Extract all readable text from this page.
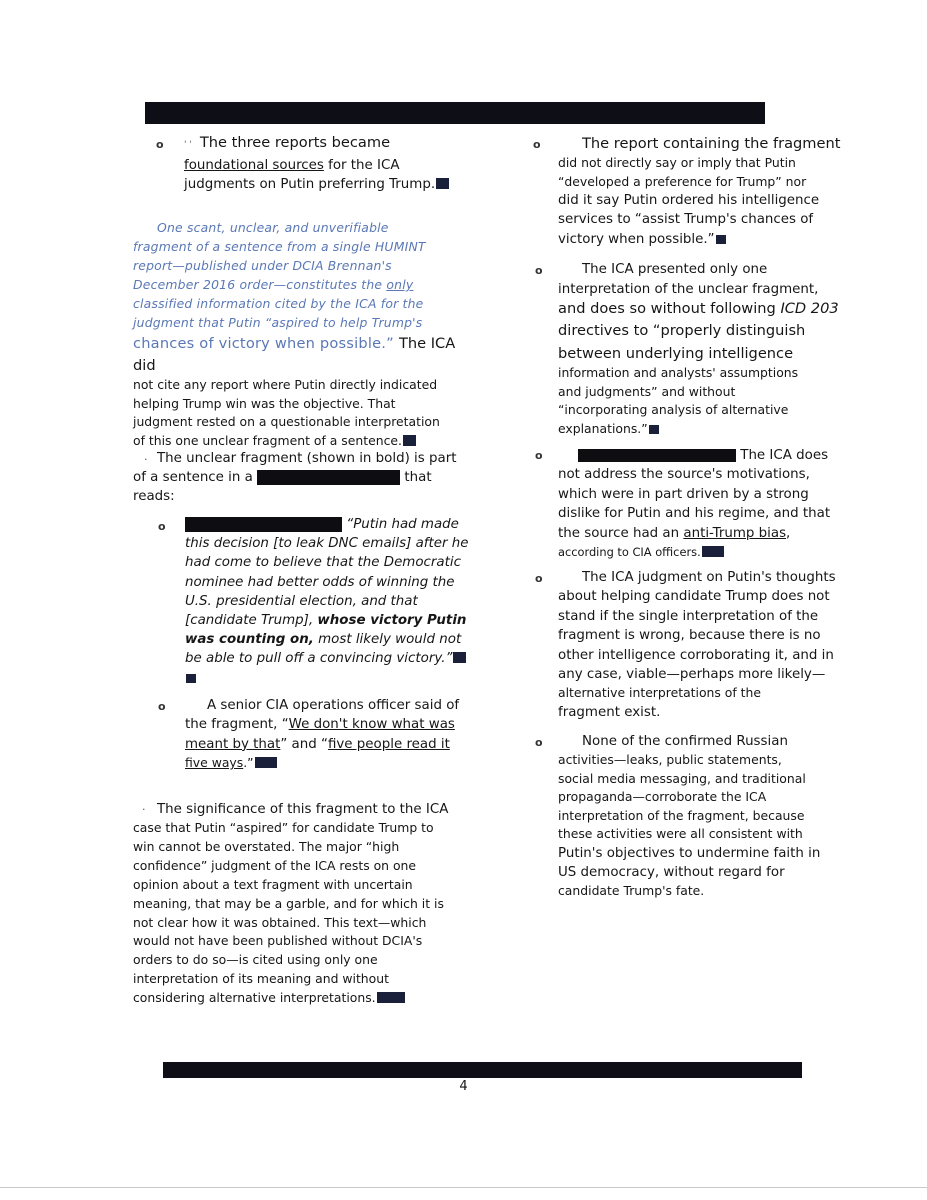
o ' ' The three reports became
foundational sources for the ICA
judgments on Putin preferring Trump.
One scant, unclear, and unverifiable
fragment of a sentence from a single HUMINT
report—published under DCIA Brennan's
December 2016 order—constitutes the only
classified information cited by the ICA for the
judgment that Putin “aspired to help Trump's
chances of victory when possible.” The ICA did
not cite any report where Putin directly indicated
helping Trump win was the objective. That
judgment rested on a questionable interpretation
of this one unclear fragment of a sentence.
. The unclear fragment (shown in bold) is part
of a sentence in a	that
reads:
o	“Putin had made
this decision [to leak DNC emails] after he
had come to believe that the Democratic
nominee had better odds of winning the
U.S. presidential election, and that
[candidate Trump], whose victory Putin
was counting on, most likely would not
be able to pull off a convincing victory.”
o	A senior CIA operations officer said of
the fragment, “We don't know what was
meant by that” and “five people read it
five ways.”
. The significance of this fragment to the ICA
case that Putin “aspired” for candidate Trump to
win cannot be overstated. The major “high
confidence” judgment of the ICA rests on one
opinion about a text fragment with uncertain
meaning, that may be a garble, and for which it is
not clear how it was obtained. This text—which
would not have been published without DCIA's
orders to do so—is cited using only one
interpretation of its meaning and without
considering alternative interpretations.
o	The report containing the fragment
did not directly say or imply that Putin
“developed a preference for Trump” nor
did it say Putin ordered his intelligence
services to “assist Trump's chances of
victory when possible.”
o	The ICA presented only one
interpretation of the unclear fragment,
and does so without following ICD 203
directives to “properly distinguish
between underlying intelligence
information and analysts' assumptions
and judgments” and without
“incorporating analysis of alternative
explanations.”
o	The ICA does
not address the source's motivations,
which were in part driven by a strong
dislike for Putin and his regime, and that
the source had an anti-Trump bias,
according to CIA officers.
o	The ICA judgment on Putin's thoughts
about helping candidate Trump does not
stand if the single interpretation of the
fragment is wrong, because there is no
other intelligence corroborating it, and in
any case, viable—perhaps more likely—
alternative interpretations of the
fragment exist.
o	None of the confirmed Russian
activities—leaks, public statements,
social media messaging, and traditional
propaganda—corroborate the ICA
interpretation of the fragment, because
these activities were all consistent with
Putin's objectives to undermine faith in
US democracy, without regard for
candidate Trump's fate.
4
